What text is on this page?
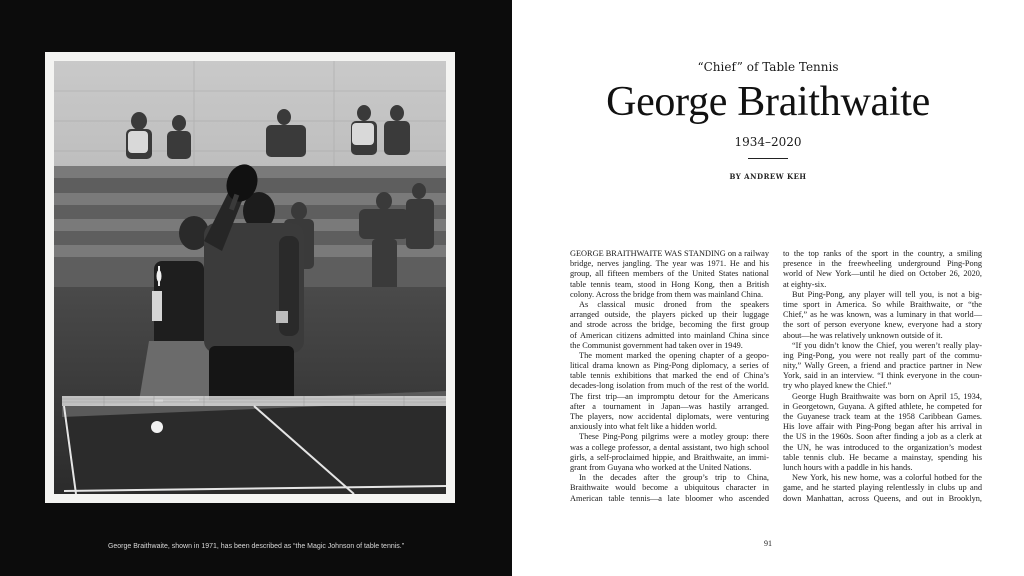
George Braithwaite, shown in 1971, has been described as “the Magic Johnson of table tennis.”
“Chief” of Table Tennis
George Braithwaite
1934–2020
BY ANDREW KEH
GEORGE BRAITHWAITE WAS STANDING on a railway
bridge, nerves jangling. The year was 1971. He and his
group, all fifteen members of the United States national
table tennis team, stood in Hong Kong, then a British
colony. Across the bridge from them was mainland China.
As classical music droned from the speakers
arranged outside, the players picked up their luggage
and strode across the bridge, becoming the first group
of American citizens admitted into mainland China since
the Communist government had taken over in 1949.
The moment marked the opening chapter of a geopo-
litical drama known as Ping-Pong diplomacy, a series of
table tennis exhibitions that marked the end of China’s
decades-long isolation from much of the rest of the world.
The first trip—an impromptu detour for the Americans
after a tournament in Japan—was hastily arranged.
The players, now accidental diplomats, were venturing
anxiously into what felt like a hidden world.
These Ping-Pong pilgrims were a motley group: there
was a college professor, a dental assistant, two high school
girls, a self-proclaimed hippie, and Braithwaite, an immi-
grant from Guyana who worked at the United Nations.
In the decades after the group’s trip to China,
Braithwaite would become a ubiquitous character in
American table tennis—a late bloomer who ascended
to the top ranks of the sport in the country, a smiling
presence in the freewheeling underground Ping-Pong
world of New York—until he died on October 26, 2020,
at eighty-six.
But Ping-Pong, any player will tell you, is not a big-
time sport in America. So while Braithwaite, or “the
Chief,” as he was known, was a luminary in that world—
the sort of person everyone knew, everyone had a story
about—he was relatively unknown outside of it.
“If you didn’t know the Chief, you weren’t really play-
ing Ping-Pong, you were not really part of the commu-
nity,” Wally Green, a friend and practice partner in New
York, said in an interview. “I think everyone in the coun-
try who played knew the Chief.”
George Hugh Braithwaite was born on April 15, 1934,
in Georgetown, Guyana. A gifted athlete, he competed for
the Guyanese track team at the 1958 Caribbean Games.
His love affair with Ping-Pong began after his arrival in
the US in the 1960s. Soon after finding a job as a clerk at
the UN, he was introduced to the organization’s modest
table tennis club. He became a mainstay, spending his
lunch hours with a paddle in his hands.
New York, his new home, was a colorful hotbed for the
game, and he started playing relentlessly in clubs up and
down Manhattan, across Queens, and out in Brooklyn,
91
